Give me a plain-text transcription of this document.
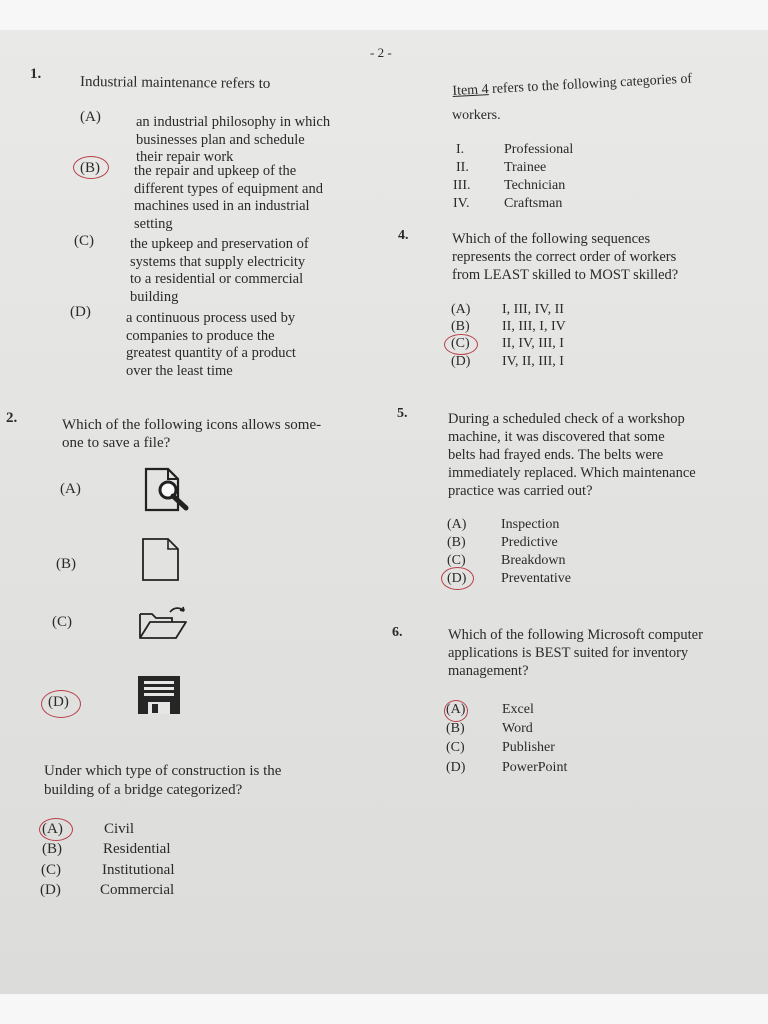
- 2 -
1.
Industrial maintenance refers to
(A) an industrial philosophy in which
businesses plan and schedule
their repair work
(B) the repair and upkeep of the
different types of equipment and
machines used in an industrial
setting
(C) the upkeep and preservation of
systems that supply electricity
to a residential or commercial
building
(D) a continuous process used by
companies to produce the
greatest quantity of a product
over the least time
2.	Which of the following icons allows some-
one to save a file?
(A)
(B)
(C)
(D)
Under which type of construction is the
building of a bridge categorized?
(A)	Civil
(B)	Residential
(C)	Institutional
(D)	Commercial
Item 4 refers to the following categories of
workers.
I.	Professional
II.	Trainee
III. Technician
IV. Craftsman
4.	Which of the following sequences
represents the correct order of workers
from LEAST skilled to MOST skilled?
(A) I, III, IV, II
(B) II, III, I, IV
(C) II, IV, III, I
(D) IV, II, III, I
5.	During a scheduled check of a workshop
machine, it was discovered that some
belts had frayed ends. The belts were
immediately replaced. Which maintenance
practice was carried out?
(A) Inspection
(B)	Predictive
(C)	Breakdown
(D) Preventative
6.	Which of the following Microsoft computer
applications is BEST suited for inventory
management?
(A)	Excel
(B)	Word
(C)	Publisher
(D)	PowerPoint
